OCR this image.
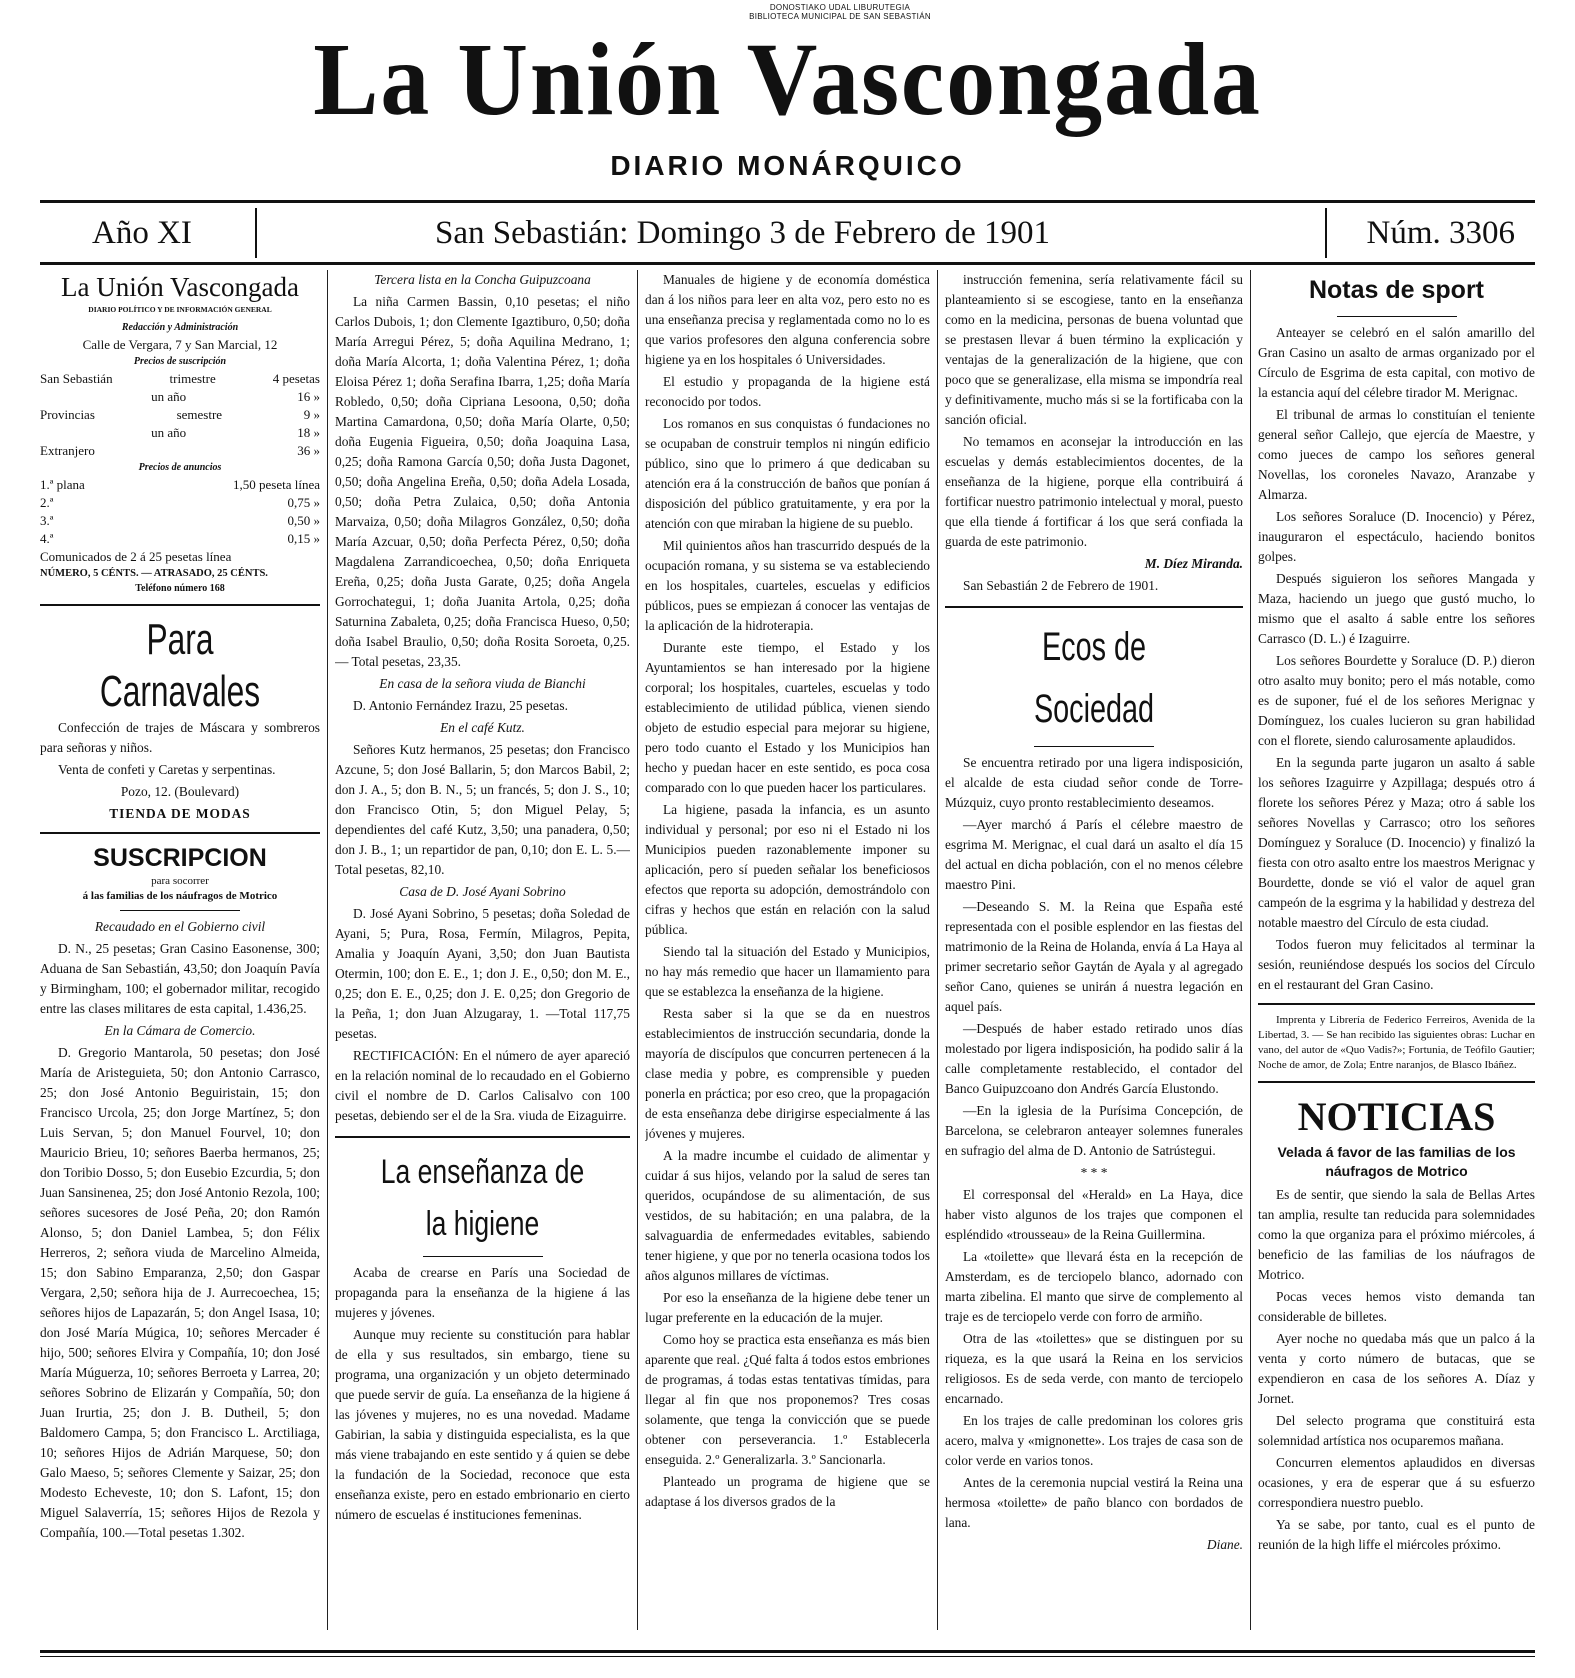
DONOSTIAKO UDAL LIBURUTEGIA
BIBLIOTECA MUNICIPAL DE SAN SEBASTIÁN
La Unión Vascongada
DIARIO MONÁRQUICO
Año XI	San Sebastián: Domingo 3 de Febrero de 1901	Núm. 3306
La Unión Vascongada
DIARIO POLÍTICO Y DE INFORMACIÓN GENERAL
Redacción y Administración
Calle de Vergara, 7 y San Marcial, 12
Precios de suscripción
San Sebastián	trimestre	4 pesetas
un año	16 »
Provincias	semestre	9 »
un año	18 »
Extranjero	36 »
Precios de anuncios
1.ª plana	1,50 peseta línea
2.ª	0,75 »
3.ª	0,50 »
4.ª	0,15 »
Comunicados de 2 á 25 pesetas línea
NÚMERO, 5 CÉNTS. — ATRASADO, 25 CÉNTS.
Teléfono número 168
Para Carnavales

Confección de trajes de Máscara y sombreros para señoras y niños.

Venta de confeti y Caretas y serpentinas.

Pozo, 12. (Boulevard)

TIENDA DE MODAS

SUSCRIPCION
para socorrer
á las familias de los náufragos de Motrico

Recaudado en el Gobierno civil

D. N., 25 pesetas; Gran Casino Easonense, 300; Aduana de San Sebastián, 43,50; don Joaquín Pavía y Birmingham, 100; el gobernador militar, recogido entre las clases militares de esta capital, 1.436,25.

En la Cámara de Comercio.

D. Gregorio Mantarola, 50 pesetas; don José María de Aristeguieta, 50; don Antonio Carrasco, 25; don José Antonio Beguiristain, 15; don Francisco Urcola, 25; don Jorge Martínez, 5; don Luis Servan, 5; don Manuel Fourvel, 10; don Mauricio Brieu, 10; señores Baerba hermanos, 25; don Toribio Dosso, 5; don Eusebio Ezcurdia, 5; don Juan Sansinenea, 25; don José Antonio Rezola, 100; señores sucesores de José Peña, 20; don Ramón Alonso, 5; don Daniel Lambea, 5; don Félix Herreros, 2; señora viuda de Marcelino Almeida, 15; don Sabino Emparanza, 2,50; don Gaspar Vergara, 2,50; señora hija de J. Aurrecoechea, 15; señores hijos de Lapazarán, 5; don Angel Isasa, 10; don José María Múgica, 10; señores Mercader é hijo, 500; señores Elvira y Compañía, 10; don José María Múguerza, 10; señores Berroeta y Larrea, 20; señores Sobrino de Elizarán y Compañía, 50; don Juan Irurtia, 25; don J. B. Dutheil, 5; don Baldomero Campa, 5; don Francisco L. Arctiliaga, 10; señores Hijos de Adrián Marquese, 50; don Galo Maeso, 5; señores Clemente y Saizar, 25; don Modesto Echeveste, 10; don S. Lafont, 15; don Miguel Salaverría, 15; señores Hijos de Rezola y Compañía, 100.—Total pesetas 1.302.

Tercera lista en la Concha Guipuzcoana

La niña Carmen Bassin, 0,10 pesetas; el niño Carlos Dubois, 1; don Clemente Igaztiburo, 0,50; doña María Arregui Pérez, 5; doña Aquilina Medrano, 1; doña María Alcorta, 1; doña Valentina Pérez, 1; doña Eloisa Pérez 1; doña Serafina Ibarra, 1,25; doña María Robledo, 0,50; doña Cipriana Lesoona, 0,50; doña Martina Camardona, 0,50; doña María Olarte, 0,50; doña Eugenia Figueira, 0,50; doña Joaquina Lasa, 0,25; doña Ramona García 0,50; doña Justa Dagonet, 0,50; doña Angelina Ereña, 0,50; doña Adela Losada, 0,50; doña Petra Zulaica, 0,50; doña Antonia Marvaiza, 0,50; doña Milagros González, 0,50; doña María Azcuar, 0,50; doña Perfecta Pérez, 0,50; doña Magdalena Zarrandicoechea, 0,50; doña Enriqueta Ereña, 0,25; doña Justa Garate, 0,25; doña Angela Gorrochategui, 1; doña Juanita Artola, 0,25; doña Saturnina Zabaleta, 0,25; doña Francisca Hueso, 0,50; doña Isabel Braulio, 0,50; doña Rosita Soroeta, 0,25. — Total pesetas, 23,35.

En casa de la señora viuda de Bianchi

D. Antonio Fernández Irazu, 25 pesetas.

En el café Kutz.

Señores Kutz hermanos, 25 pesetas; don Francisco Azcune, 5; don José Ballarin, 5; don Marcos Babil, 2; don J. A., 5; don B. N., 5; un francés, 5; don J. S., 10; don Francisco Otin, 5; don Miguel Pelay, 5; dependientes del café Kutz, 3,50; una panadera, 0,50; don J. B., 1; un repartidor de pan, 0,10; don E. L. 5.—Total pesetas, 82,10.

Casa de D. José Ayani Sobrino

D. José Ayani Sobrino, 5 pesetas; doña Soledad de Ayani, 5; Pura, Rosa, Fermín, Milagros, Pepita, Amalia y Joaquín Ayani, 3,50; don Juan Bautista Otermin, 100; don E. E., 1; don J. E., 0,50; don M. E., 0,25; don E. E., 0,25; don J. E. 0,25; don Gregorio de la Peña, 1; don Juan Alzugaray, 1. —Total 117,75 pesetas.

RECTIFICACIÓN: En el número de ayer apareció en la relación nominal de lo recaudado en el Gobierno civil el nombre de D. Carlos Calisalvo con 100 pesetas, debiendo ser el de la Sra. viuda de Eizaguirre.

La enseñanza de la higiene

Acaba de crearse en París una Sociedad de propaganda para la enseñanza de la higiene á las mujeres y jóvenes.

Aunque muy reciente su constitución para hablar de ella y sus resultados, sin embargo, tiene su programa, una organización y un objeto determinado que puede servir de guía. La enseñanza de la higiene á las jóvenes y mujeres, no es una novedad. Madame Gabirian, la sabia y distinguida especialista, es la que más viene trabajando en este sentido y á quien se debe la fundación de la Sociedad, reconoce que esta enseñanza existe, pero en estado embrionario en cierto número de escuelas é instituciones femeninas.

Manuales de higiene y de economía doméstica dan á los niños para leer en alta voz, pero esto no es una enseñanza precisa y reglamentada como no lo es que varios profesores den alguna conferencia sobre higiene ya en los hospitales ó Universidades.

El estudio y propaganda de la higiene está reconocido por todos.

Los romanos en sus conquistas ó fundaciones no se ocupaban de construir templos ni ningún edificio público, sino que lo primero á que dedicaban su atención era á la construcción de baños que ponían á disposición del público gratuitamente, y era por la atención con que miraban la higiene de su pueblo.

Mil quinientos años han trascurrido después de la ocupación romana, y su sistema se va estableciendo en los hospitales, cuarteles, escuelas y edificios públicos, pues se empiezan á conocer las ventajas de la aplicación de la hidroterapia.

Durante este tiempo, el Estado y los Ayuntamientos se han interesado por la higiene corporal; los hospitales, cuarteles, escuelas y todo establecimiento de utilidad pública, vienen siendo objeto de estudio especial para mejorar su higiene, pero todo cuanto el Estado y los Municipios han hecho y puedan hacer en este sentido, es poca cosa comparado con lo que pueden hacer los particulares.

La higiene, pasada la infancia, es un asunto individual y personal; por eso ni el Estado ni los Municipios pueden razonablemente imponer su aplicación, pero sí pueden señalar los beneficiosos efectos que reporta su adopción, demostrándolo con cifras y hechos que están en relación con la salud pública.

Siendo tal la situación del Estado y Municipios, no hay más remedio que hacer un llamamiento para que se establezca la enseñanza de la higiene.

Resta saber si la que se da en nuestros establecimientos de instrucción secundaria, donde la mayoría de discípulos que concurren pertenecen á la clase media y pobre, es comprensible y pueden ponerla en práctica; por eso creo, que la propagación de esta enseñanza debe dirigirse especialmente á las jóvenes y mujeres.

A la madre incumbe el cuidado de alimentar y cuidar á sus hijos, velando por la salud de seres tan queridos, ocupándose de su alimentación, de sus vestidos, de su habitación; en una palabra, de la salvaguardia de enfermedades evitables, sabiendo tener higiene, y que por no tenerla ocasiona todos los años algunos millares de víctimas.

Por eso la enseñanza de la higiene debe tener un lugar preferente en la educación de la mujer.

Como hoy se practica esta enseñanza es más bien aparente que real. ¿Qué falta á todos estos embriones de programas, á todas estas tentativas tímidas, para llegar al fin que nos proponemos? Tres cosas solamente, que tenga la convicción que se puede obtener con perseverancia. 1.º Establecerla enseguida. 2.º Generalizarla. 3.º Sancionarla.

Planteado un programa de higiene que se adaptase á los diversos grados de la

instrucción femenina, sería relativamente fácil su planteamiento si se escogiese, tanto en la enseñanza como en la medicina, personas de buena voluntad que se prestasen llevar á buen término la explicación y ventajas de la generalización de la higiene, que con poco que se generalizase, ella misma se impondría real y definitivamente, mucho más si se la fortificaba con la sanción oficial.

No temamos en aconsejar la introducción en las escuelas y demás establecimientos docentes, de la enseñanza de la higiene, porque ella contribuirá á fortificar nuestro patrimonio intelectual y moral, puesto que ella tiende á fortificar á los que será confiada la guarda de este patrimonio.

M. Díez Miranda.

San Sebastián 2 de Febrero de 1901.

Ecos de Sociedad

Se encuentra retirado por una ligera indisposición, el alcalde de esta ciudad señor conde de Torre-Múzquiz, cuyo pronto restablecimiento deseamos.

—Ayer marchó á París el célebre maestro de esgrima M. Merignac, el cual dará un asalto el día 15 del actual en dicha población, con el no menos célebre maestro Pini.

—Deseando S. M. la Reina que España esté representada con el posible esplendor en las fiestas del matrimonio de la Reina de Holanda, envía á La Haya al primer secretario señor Gaytán de Ayala y al agregado señor Cano, quienes se unirán á nuestra legación en aquel país.

—Después de haber estado retirado unos días molestado por ligera indisposición, ha podido salir á la calle completamente restablecido, el contador del Banco Guipuzcoano don Andrés García Elustondo.

—En la iglesia de la Purísima Concepción, de Barcelona, se celebraron anteayer solemnes funerales en sufragio del alma de D. Antonio de Satrústegui.

* * *

El corresponsal del «Herald» en La Haya, dice haber visto algunos de los trajes que componen el espléndido «trousseau» de la Reina Guillermina.

La «toilette» que llevará ésta en la recepción de Amsterdam, es de terciopelo blanco, adornado con marta zibelina. El manto que sirve de complemento al traje es de terciopelo verde con forro de armiño.

Otra de las «toilettes» que se distinguen por su riqueza, es la que usará la Reina en los servicios religiosos. Es de seda verde, con manto de terciopelo encarnado.

En los trajes de calle predominan los colores gris acero, malva y «mignonette». Los trajes de casa son de color verde en varios tonos.

Antes de la ceremonia nupcial vestirá la Reina una hermosa «toilette» de paño blanco con bordados de lana.

Diane.

Notas de sport

Anteayer se celebró en el salón amarillo del Gran Casino un asalto de armas organizado por el Círculo de Esgrima de esta capital, con motivo de la estancia aquí del célebre tirador M. Merignac.

El tribunal de armas lo constituían el teniente general señor Callejo, que ejercía de Maestre, y como jueces de campo los señores general Novellas, los coroneles Navazo, Aranzabe y Almarza.

Los señores Soraluce (D. Inocencio) y Pérez, inauguraron el espectáculo, haciendo bonitos golpes.

Después siguieron los señores Mangada y Maza, haciendo un juego que gustó mucho, lo mismo que el asalto á sable entre los señores Carrasco (D. L.) é Izaguirre.

Los señores Bourdette y Soraluce (D. P.) dieron otro asalto muy bonito; pero el más notable, como es de suponer, fué el de los señores Merignac y Domínguez, los cuales lucieron su gran habilidad con el florete, siendo calurosamente aplaudidos.

En la segunda parte jugaron un asalto á sable los señores Izaguirre y Azpillaga; después otro á florete los señores Pérez y Maza; otro á sable los señores Novellas y Carrasco; otro los señores Domínguez y Soraluce (D. Inocencio) y finalizó la fiesta con otro asalto entre los maestros Merignac y Bourdette, donde se vió el valor de aquel gran campeón de la esgrima y la habilidad y destreza del notable maestro del Círculo de esta ciudad.

Todos fueron muy felicitados al terminar la sesión, reuniéndose después los socios del Círculo en el restaurant del Gran Casino.

Imprenta y Librería de Federico Ferreiros, Avenida de la Libertad, 3. — Se han recibido las siguientes obras: Luchar en vano, del autor de «Quo Vadis?»; Fortunia, de Teófilo Gautier; Noche de amor, de Zola; Entre naranjos, de Blasco Ibáñez.

NOTICIAS
Velada á favor de las familias de los náufragos de Motrico

Es de sentir, que siendo la sala de Bellas Artes tan amplia, resulte tan reducida para solemnidades como la que organiza para el próximo miércoles, á beneficio de las familias de los náufragos de Motrico.

Pocas veces hemos visto demanda tan considerable de billetes.

Ayer noche no quedaba más que un palco á la venta y corto número de butacas, que se expendieron en casa de los señores A. Díaz y Jornet.

Del selecto programa que constituirá esta solemnidad artística nos ocuparemos mañana.

Concurren elementos aplaudidos en diversas ocasiones, y era de esperar que á su esfuerzo correspondiera nuestro pueblo.

Ya se sabe, por tanto, cual es el punto de reunión de la high liffe el miércoles próximo.
